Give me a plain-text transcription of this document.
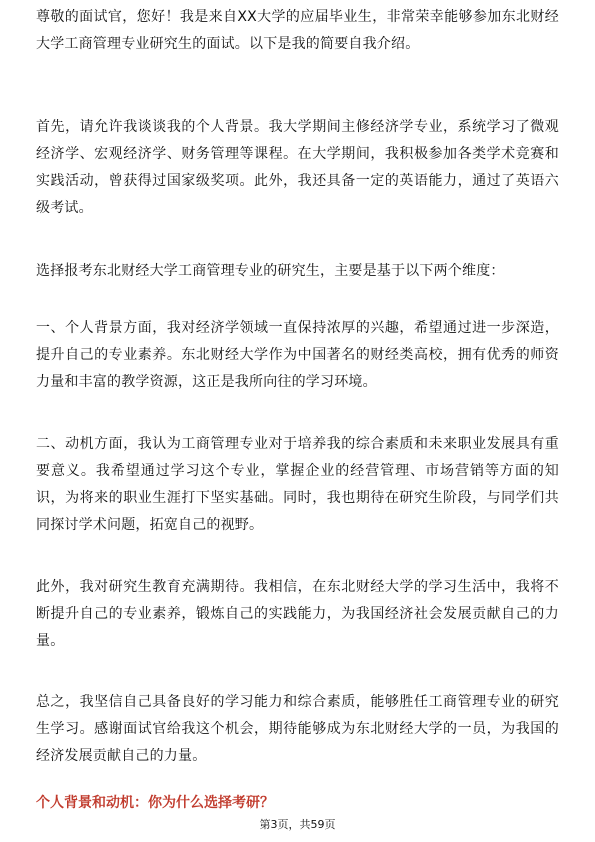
尊敬的面试官，您好！我是来自XX大学的应届毕业生，非常荣幸能够参加东北财经大学工商管理专业研究生的面试。以下是我的简要自我介绍。

首先，请允许我谈谈我的个人背景。我大学期间主修经济学专业，系统学习了微观经济学、宏观经济学、财务管理等课程。在大学期间，我积极参加各类学术竞赛和实践活动，曾获得过国家级奖项。此外，我还具备一定的英语能力，通过了英语六级考试。

选择报考东北财经大学工商管理专业的研究生，主要是基于以下两个维度：

一、个人背景方面，我对经济学领域一直保持浓厚的兴趣，希望通过进一步深造，提升自己的专业素养。东北财经大学作为中国著名的财经类高校，拥有优秀的师资力量和丰富的教学资源，这正是我所向往的学习环境。

二、动机方面，我认为工商管理专业对于培养我的综合素质和未来职业发展具有重要意义。我希望通过学习这个专业，掌握企业的经营管理、市场营销等方面的知识，为将来的职业生涯打下坚实基础。同时，我也期待在研究生阶段，与同学们共同探讨学术问题，拓宽自己的视野。

此外，我对研究生教育充满期待。我相信，在东北财经大学的学习生活中，我将不断提升自己的专业素养，锻炼自己的实践能力，为我国经济社会发展贡献自己的力量。

总之，我坚信自己具备良好的学习能力和综合素质，能够胜任工商管理专业的研究生学习。感谢面试官给我这个机会，期待能够成为东北财经大学的一员，为我国的经济发展贡献自己的力量。

个人背景和动机：你为什么选择考研？

第3页，共59页
